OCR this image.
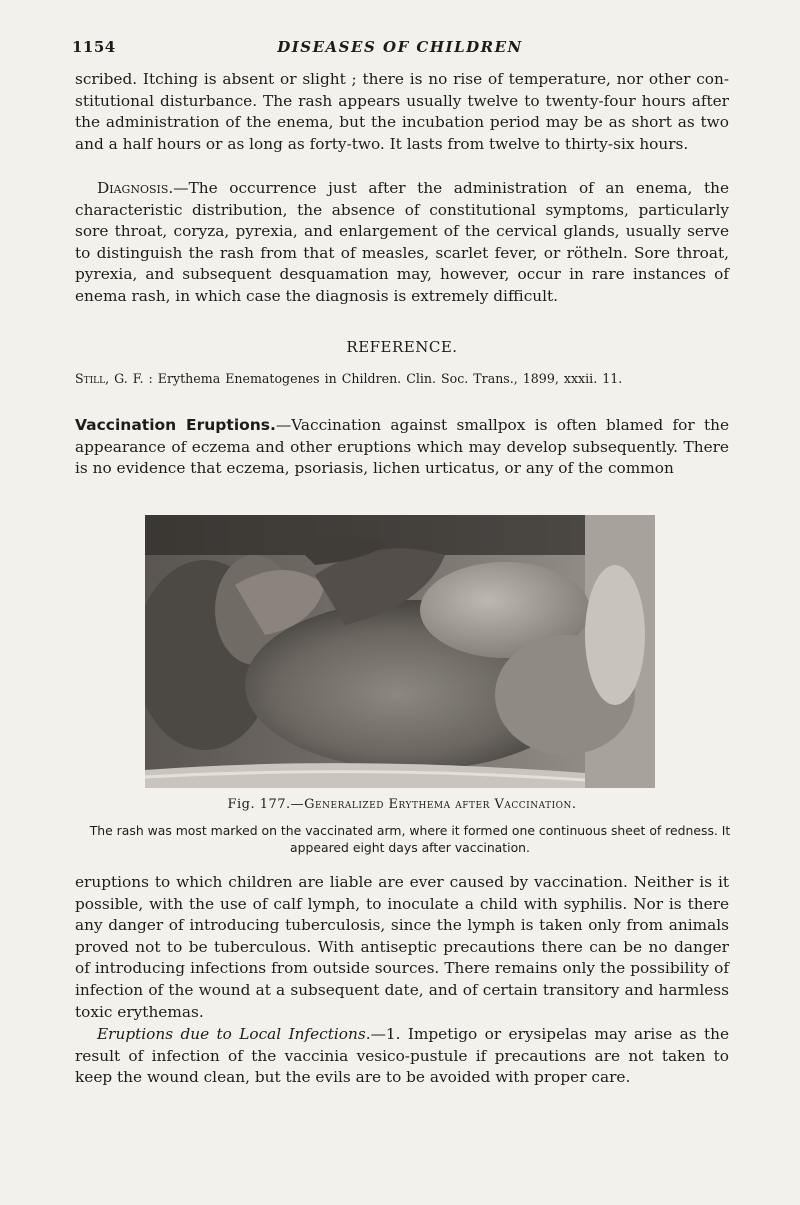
1154	DISEASES OF CHILDREN

scribed. Itching is absent or slight ; there is no rise of temperature, nor other con-stitutional disturbance. The rash appears usually twelve to twenty-four hours after the administration of the enema, but the incubation period may be as short as two and a half hours or as long as forty-two. It lasts from twelve to thirty-six hours.

Diagnosis.—The occurrence just after the administration of an enema, the characteristic distribution, the absence of constitutional symptoms, particularly sore throat, coryza, pyrexia, and enlargement of the cervical glands, usually serve to distinguish the rash from that of measles, scarlet fever, or rötheln. Sore throat, pyrexia, and subsequent desquamation may, however, occur in rare instances of enema rash, in which case the diagnosis is extremely difficult.

REFERENCE.
Still, G. F. : Erythema Enematogenes in Children. Clin. Soc. Trans., 1899, xxxii. 11.

Vaccination Eruptions.—Vaccination against smallpox is often blamed for the appearance of eczema and other eruptions which may develop subsequently. There is no evidence that eczema, psoriasis, lichen urticatus, or any of the common

Fig. 177.—Generalized Erythema after Vaccination.
The rash was most marked on the vaccinated arm, where it formed one continuous sheet of redness. It appeared eight days after vaccination.

eruptions to which children are liable are ever caused by vaccination. Neither is it possible, with the use of calf lymph, to inoculate a child with syphilis. Nor is there any danger of introducing tuberculosis, since the lymph is taken only from animals proved not to be tuberculous. With antiseptic precautions there can be no danger of introducing infections from outside sources. There remains only the possibility of infection of the wound at a subsequent date, and of certain transitory and harmless toxic erythemas.

Eruptions due to Local Infections.—1. Impetigo or erysipelas may arise as the result of infection of the vaccinia vesico-pustule if precautions are not taken to keep the wound clean, but the evils are to be avoided with proper care.
